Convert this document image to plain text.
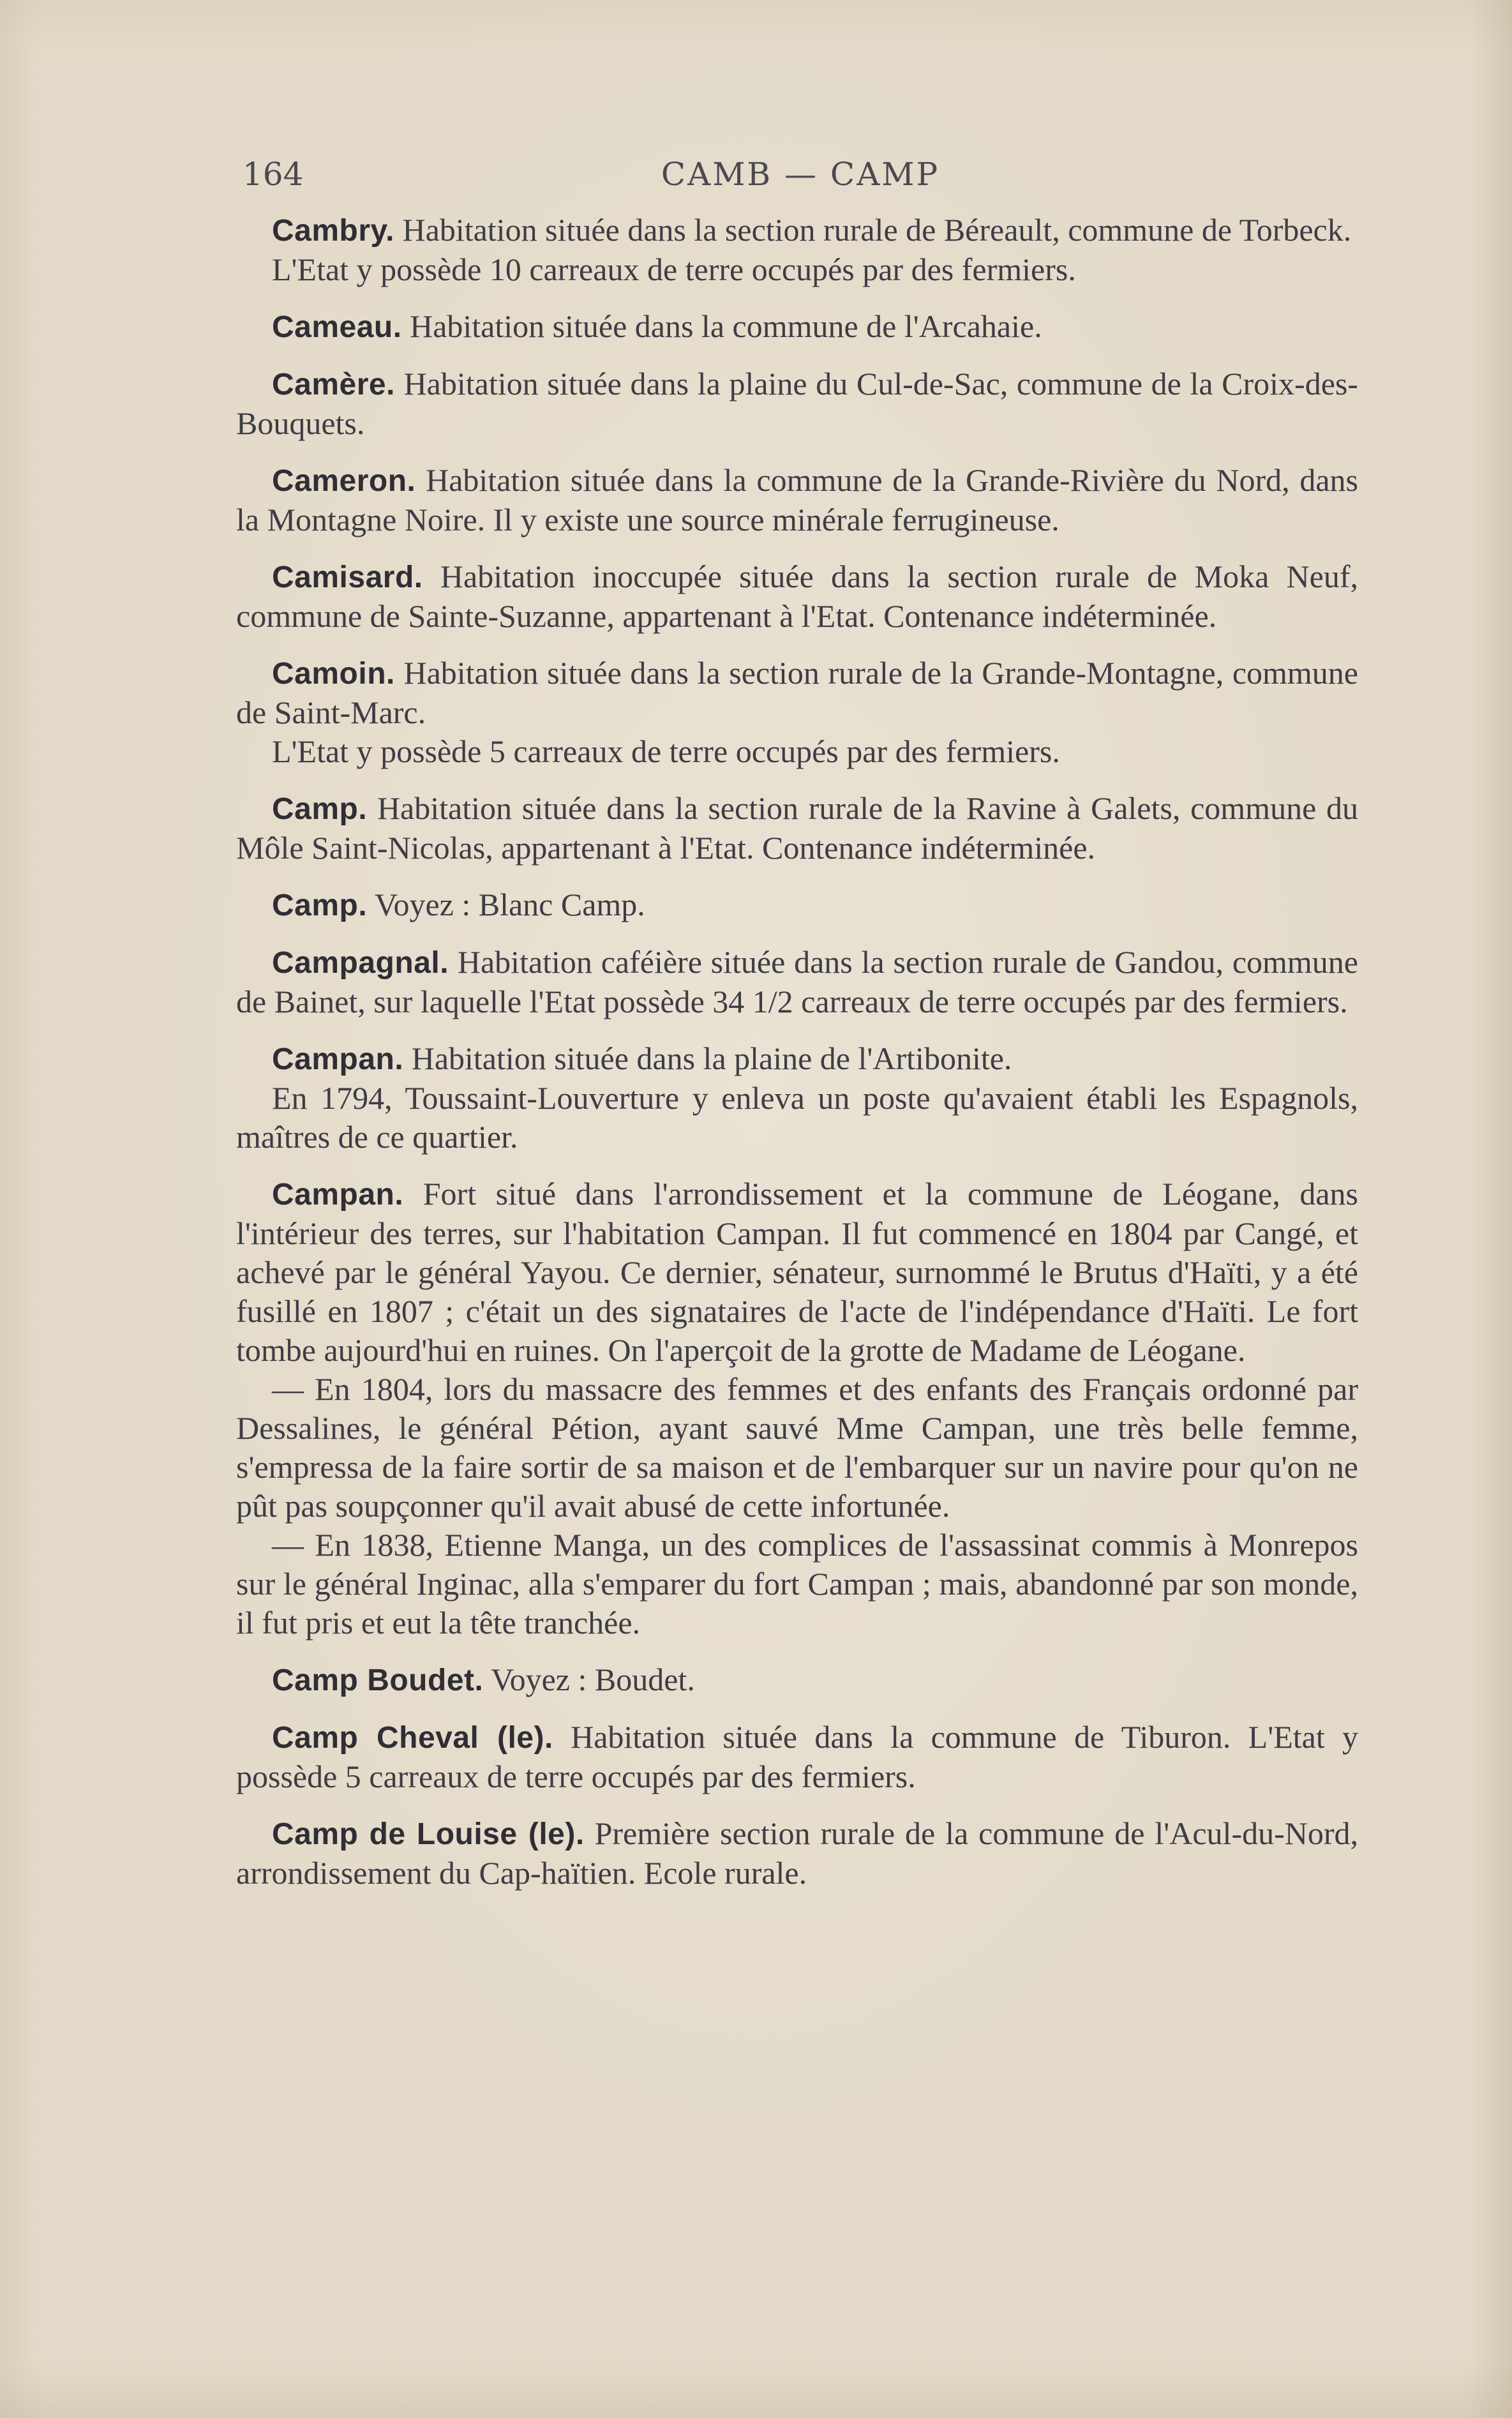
164	CAMB — CAMP

Cambry. Habitation située dans la section rurale de Béreault, commune de Torbeck.

L'Etat y possède 10 carreaux de terre occupés par des fermiers.

Cameau. Habitation située dans la commune de l'Arcahaie.

Camère. Habitation située dans la plaine du Cul-de-Sac, commune de la Croix-des-Bouquets.

Cameron. Habitation située dans la commune de la Grande-Rivière du Nord, dans la Montagne Noire. Il y existe une source minérale ferrugineuse.

Camisard. Habitation inoccupée située dans la section rurale de Moka Neuf, commune de Sainte-Suzanne, appartenant à l'Etat. Contenance indéterminée.

Camoin. Habitation située dans la section rurale de la Grande-Montagne, commune de Saint-Marc.

L'Etat y possède 5 carreaux de terre occupés par des fermiers.

Camp. Habitation située dans la section rurale de la Ravine à Galets, commune du Môle Saint-Nicolas, appartenant à l'Etat. Contenance indéterminée.

Camp. Voyez : Blanc Camp.

Campagnal. Habitation caféière située dans la section rurale de Gandou, commune de Bainet, sur laquelle l'Etat possède 34 1/2 carreaux de terre occupés par des fermiers.

Campan. Habitation située dans la plaine de l'Artibonite.

En 1794, Toussaint-Louverture y enleva un poste qu'avaient établi les Espagnols, maîtres de ce quartier.

Campan. Fort situé dans l'arrondissement et la commune de Léogane, dans l'intérieur des terres, sur l'habitation Campan. Il fut commencé en 1804 par Cangé, et achevé par le général Yayou. Ce dernier, sénateur, surnommé le Brutus d'Haïti, y a été fusillé en 1807 ; c'était un des signataires de l'acte de l'indépendance d'Haïti. Le fort tombe aujourd'hui en ruines. On l'aperçoit de la grotte de Madame de Léogane.

— En 1804, lors du massacre des femmes et des enfants des Français ordonné par Dessalines, le général Pétion, ayant sauvé Mme Campan, une très belle femme, s'empressa de la faire sortir de sa maison et de l'embarquer sur un navire pour qu'on ne pût pas soupçonner qu'il avait abusé de cette infortunée.

— En 1838, Etienne Manga, un des complices de l'assassinat commis à Monrepos sur le général Inginac, alla s'emparer du fort Campan ; mais, abandonné par son monde, il fut pris et eut la tête tranchée.

Camp Boudet. Voyez : Boudet.

Camp Cheval (le). Habitation située dans la commune de Tiburon. L'Etat y possède 5 carreaux de terre occupés par des fermiers.

Camp de Louise (le). Première section rurale de la commune de l'Acul-du-Nord, arrondissement du Cap-haïtien. Ecole rurale.
